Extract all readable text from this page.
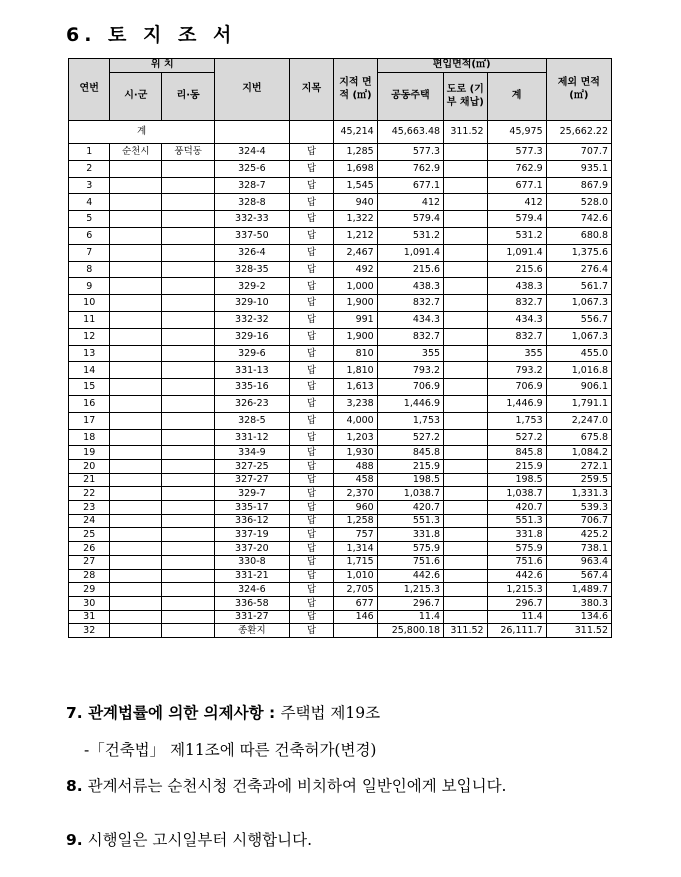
6. 토 지 조 서
연번	위 치		지번	지목	지적 면적 (㎡)	편입면적(㎡)			제외 면적 (㎡)
	시·군	리·동				공동주택	도로 (기부 채납)	계	
계					45,214	45,663.48	311.52	45,975	25,662.22
1	순천시	풍덕동	324-4	답	1,285	577.3		577.3	707.7
2			325-6	답	1,698	762.9		762.9	935.1
3			328-7	답	1,545	677.1		677.1	867.9
4			328-8	답	940	412		412	528.0
5			332-33	답	1,322	579.4		579.4	742.6
6			337-50	답	1,212	531.2		531.2	680.8
7			326-4	답	2,467	1,091.4		1,091.4	1,375.6
8			328-35	답	492	215.6		215.6	276.4
9			329-2	답	1,000	438.3		438.3	561.7
10			329-10	답	1,900	832.7		832.7	1,067.3
11			332-32	답	991	434.3		434.3	556.7
12			329-16	답	1,900	832.7		832.7	1,067.3
13			329-6	답	810	355		355	455.0
14			331-13	답	1,810	793.2		793.2	1,016.8
15			335-16	답	1,613	706.9		706.9	906.1
16			326-23	답	3,238	1,446.9		1,446.9	1,791.1
17			328-5	답	4,000	1,753		1,753	2,247.0
18			331-12	답	1,203	527.2		527.2	675.8
19			334-9	답	1,930	845.8		845.8	1,084.2
20			327-25	답	488	215.9		215.9	272.1
21			327-27	답	458	198.5		198.5	259.5
22			329-7	답	2,370	1,038.7		1,038.7	1,331.3
23			335-17	답	960	420.7		420.7	539.3
24			336-12	답	1,258	551.3		551.3	706.7
25			337-19	답	757	331.8		331.8	425.2
26			337-20	답	1,314	575.9		575.9	738.1
27			330-8	답	1,715	751.6		751.6	963.4
28			331-21	답	1,010	442.6		442.6	567.4
29			324-6	답	2,705	1,215.3		1,215.3	1,489.7
30			336-58	답	677	296.7		296.7	380.3
31			331-27	답	146	11.4		11.4	134.6
32			종환지	답		25,800.18	311.52	26,111.7	311.52
7. 관계법률에 의한 의제사항 : 주택법 제19조
-「건축법」 제11조에 따른 건축허가(변경)
8. 관계서류는 순천시청 건축과에 비치하여 일반인에게 보입니다.
9. 시행일은 고시일부터 시행합니다.
